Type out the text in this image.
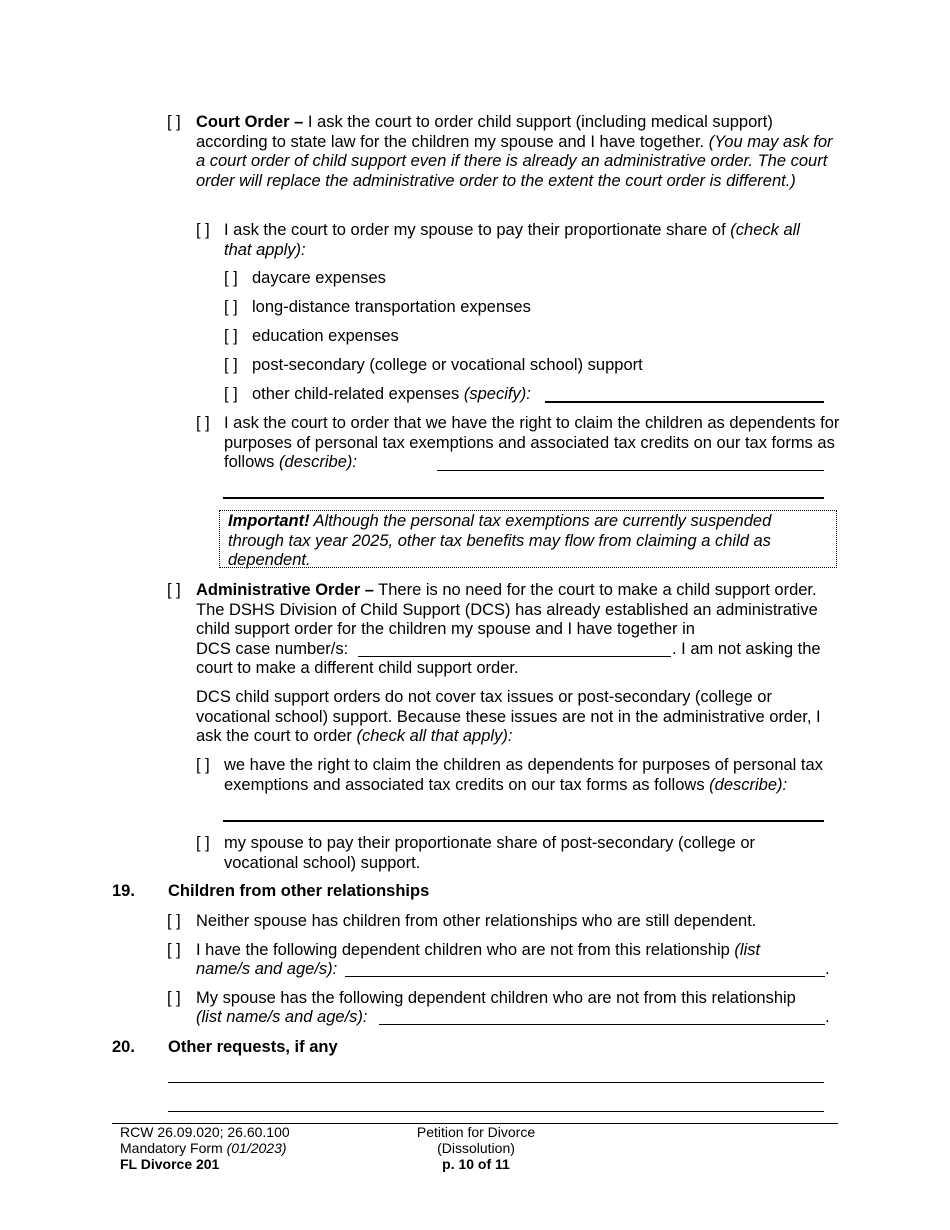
[ ] Court Order – I ask the court to order child support (including medical support) according to state law for the children my spouse and I have together. (You may ask for a court order of child support even if there is already an administrative order. The court order will replace the administrative order to the extent the court order is different.)
[ ] I ask the court to order my spouse to pay their proportionate share of (check all that apply):
[ ] daycare expenses
[ ] long-distance transportation expenses
[ ] education expenses
[ ] post-secondary (college or vocational school) support
[ ] other child-related expenses (specify):
[ ] I ask the court to order that we have the right to claim the children as dependents for purposes of personal tax exemptions and associated tax credits on our tax forms as follows (describe):
Important! Although the personal tax exemptions are currently suspended through tax year 2025, other tax benefits may flow from claiming a child as dependent.
[ ] Administrative Order – There is no need for the court to make a child support order. The DSHS Division of Child Support (DCS) has already established an administrative child support order for the children my spouse and I have together in
DCS case number/s:	. I am not asking the
court to make a different child support order.
DCS child support orders do not cover tax issues or post-secondary (college or vocational school) support. Because these issues are not in the administrative order, I ask the court to order (check all that apply):
[ ] we have the right to claim the children as dependents for purposes of personal tax exemptions and associated tax credits on our tax forms as follows (describe):
[ ] my spouse to pay their proportionate share of post-secondary (college or vocational school) support.
19. Children from other relationships
[ ] Neither spouse has children from other relationships who are still dependent.
[ ] I have the following dependent children who are not from this relationship (list
name/s and age/s):	.
[ ] My spouse has the following dependent children who are not from this relationship
(list name/s and age/s):	.
20. Other requests, if any
RCW 26.09.020; 26.60.100
Mandatory Form (01/2023)
FL Divorce 201
Petition for Divorce
(Dissolution)
p. 10 of 11
